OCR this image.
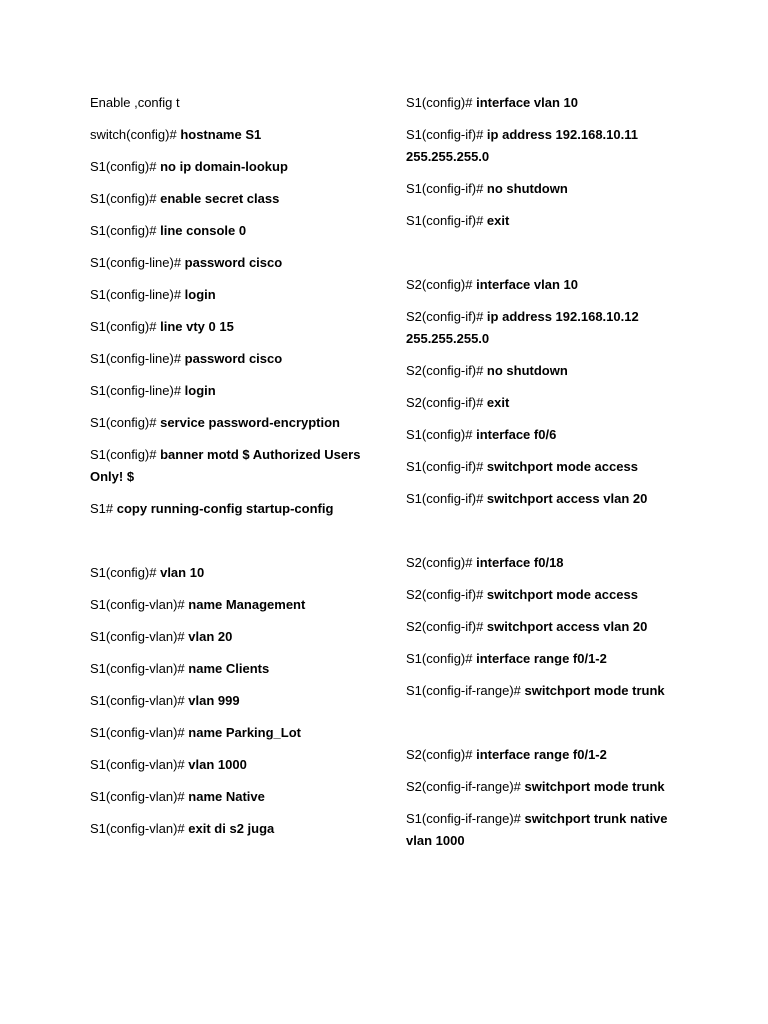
Enable ,config t
switch(config)# hostname S1
S1(config)# no ip domain-lookup
S1(config)# enable secret class
S1(config)# line console 0
S1(config-line)# password cisco
S1(config-line)# login
S1(config)# line vty 0 15
S1(config-line)# password cisco
S1(config-line)# login
S1(config)# service password-encryption
S1(config)# banner motd $ Authorized Users Only! $
S1# copy running-config startup-config
S1(config)# vlan 10
S1(config-vlan)# name Management
S1(config-vlan)# vlan 20
S1(config-vlan)# name Clients
S1(config-vlan)# vlan 999
S1(config-vlan)# name Parking_Lot
S1(config-vlan)# vlan 1000
S1(config-vlan)# name Native
S1(config-vlan)# exit di s2 juga
S1(config)# interface vlan 10
S1(config-if)# ip address 192.168.10.11 255.255.255.0
S1(config-if)# no shutdown
S1(config-if)# exit
S2(config)# interface vlan 10
S2(config-if)# ip address 192.168.10.12 255.255.255.0
S2(config-if)# no shutdown
S2(config-if)# exit
S1(config)# interface f0/6
S1(config-if)# switchport mode access
S1(config-if)# switchport access vlan 20
S2(config)# interface f0/18
S2(config-if)# switchport mode access
S2(config-if)# switchport access vlan 20
S1(config)# interface range f0/1-2
S1(config-if-range)# switchport mode trunk
S2(config)# interface range f0/1-2
S2(config-if-range)# switchport mode trunk
S1(config-if-range)# switchport trunk native vlan 1000
